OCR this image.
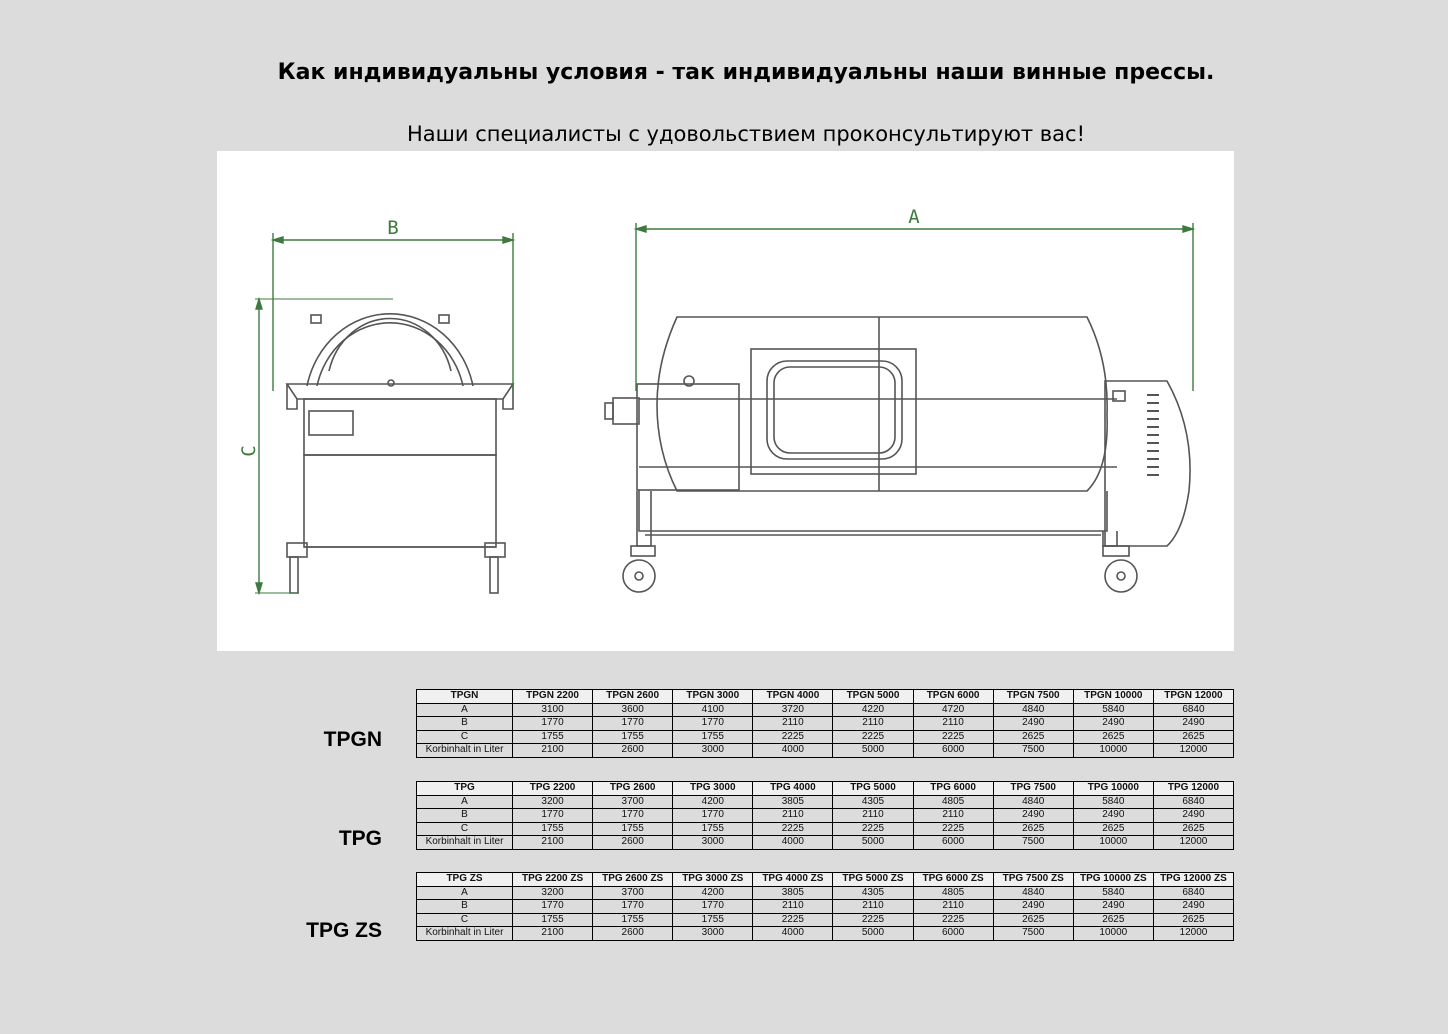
Как индивидуальны условия - так индивидуальны наши винные прессы.
Наши специалисты с удовольствием проконсультируют вас!
B
C
A
TPGN
TPGN	TPGN 2200	TPGN 2600	TPGN 3000	TPGN 4000	TPGN 5000	TPGN 6000	TPGN 7500	TPGN 10000	TPGN 12000
A	3100	3600	4100	3720	4220	4720	4840	5840	6840
B	1770	1770	1770	2110	2110	2110	2490	2490	2490
C	1755	1755	1755	2225	2225	2225	2625	2625	2625
Korbinhalt in Liter	2100	2600	3000	4000	5000	6000	7500	10000	12000
TPG
TPG	TPG 2200	TPG 2600	TPG 3000	TPG 4000	TPG 5000	TPG 6000	TPG 7500	TPG 10000	TPG 12000
A	3200	3700	4200	3805	4305	4805	4840	5840	6840
B	1770	1770	1770	2110	2110	2110	2490	2490	2490
C	1755	1755	1755	2225	2225	2225	2625	2625	2625
Korbinhalt in Liter	2100	2600	3000	4000	5000	6000	7500	10000	12000
TPG ZS
TPG ZS	TPG 2200 ZS	TPG 2600 ZS	TPG 3000 ZS	TPG 4000 ZS	TPG 5000 ZS	TPG 6000 ZS	TPG 7500 ZS	TPG 10000 ZS	TPG 12000 ZS
A	3200	3700	4200	3805	4305	4805	4840	5840	6840
B	1770	1770	1770	2110	2110	2110	2490	2490	2490
C	1755	1755	1755	2225	2225	2225	2625	2625	2625
Korbinhalt in Liter	2100	2600	3000	4000	5000	6000	7500	10000	12000
